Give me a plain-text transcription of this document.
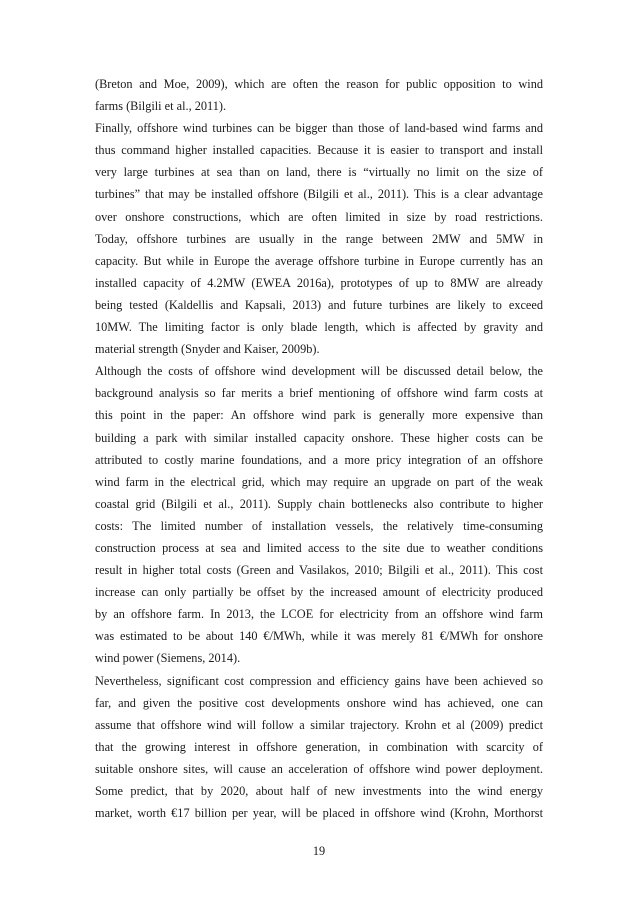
(Breton and Moe, 2009), which are often the reason for public opposition to wind
farms (Bilgili et al., 2011).
Finally, offshore wind turbines can be bigger than those of land-based wind farms and
thus command higher installed capacities. Because it is easier to transport and install
very large turbines at sea than on land, there is “virtually no limit on the size of
turbines” that may be installed offshore (Bilgili et al., 2011). This is a clear advantage
over onshore constructions, which are often limited in size by road restrictions.
Today, offshore turbines are usually in the range between 2MW and 5MW in
capacity. But while in Europe the average offshore turbine in Europe currently has an
installed capacity of 4.2MW (EWEA 2016a), prototypes of up to 8MW are already
being tested (Kaldellis and Kapsali, 2013) and future turbines are likely to exceed
10MW. The limiting factor is only blade length, which is affected by gravity and
material strength (Snyder and Kaiser, 2009b).
Although the costs of offshore wind development will be discussed detail below, the
background analysis so far merits a brief mentioning of offshore wind farm costs at
this point in the paper: An offshore wind park is generally more expensive than
building a park with similar installed capacity onshore. These higher costs can be
attributed to costly marine foundations, and a more pricy integration of an offshore
wind farm in the electrical grid, which may require an upgrade on part of the weak
coastal grid (Bilgili et al., 2011). Supply chain bottlenecks also contribute to higher
costs: The limited number of installation vessels, the relatively time-consuming
construction process at sea and limited access to the site due to weather conditions
result in higher total costs (Green and Vasilakos, 2010; Bilgili et al., 2011). This cost
increase can only partially be offset by the increased amount of electricity produced
by an offshore farm. In 2013, the LCOE for electricity from an offshore wind farm
was estimated to be about 140 €/MWh, while it was merely 81 €/MWh for onshore
wind power (Siemens, 2014).
Nevertheless, significant cost compression and efficiency gains have been achieved so
far, and given the positive cost developments onshore wind has achieved, one can
assume that offshore wind will follow a similar trajectory. Krohn et al (2009) predict
that the growing interest in offshore generation, in combination with scarcity of
suitable onshore sites, will cause an acceleration of offshore wind power deployment.
Some predict, that by 2020, about half of new investments into the wind energy
market, worth €17 billion per year, will be placed in offshore wind (Krohn, Morthorst
19
